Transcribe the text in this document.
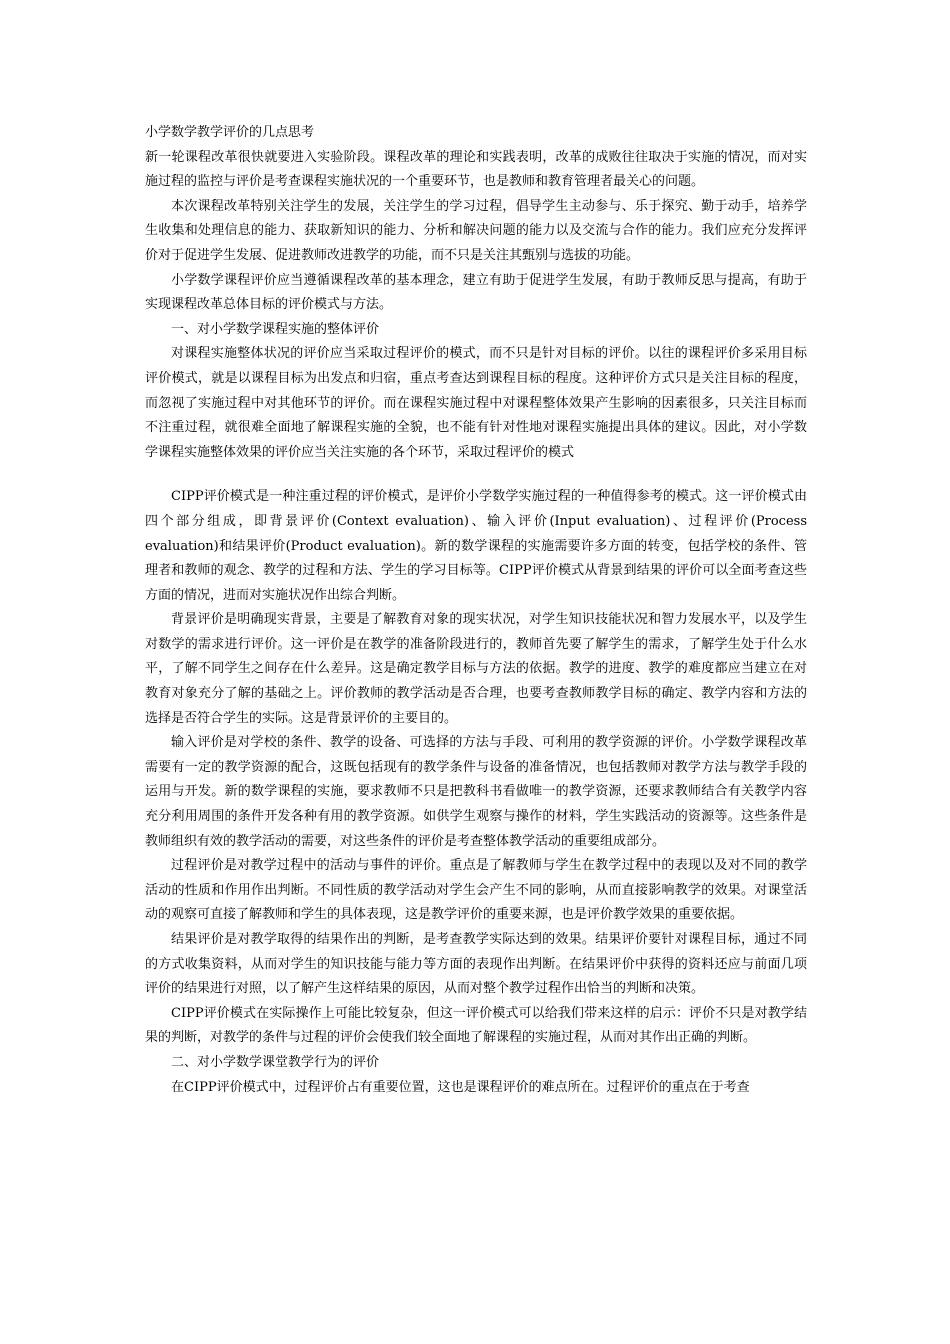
小学数学教学评价的几点思考

新一轮课程改革很快就要进入实验阶段。课程改革的理论和实践表明，改革的成败往往取决于实施的情况，而对实施过程的监控与评价是考查课程实施状况的一个重要环节，也是教师和教育管理者最关心的问题。

本次课程改革特别关注学生的发展，关注学生的学习过程，倡导学生主动参与、乐于探究、勤于动手，培养学生收集和处理信息的能力、获取新知识的能力、分析和解决问题的能力以及交流与合作的能力。我们应充分发挥评价对于促进学生发展、促进教师改进教学的功能，而不只是关注其甄别与选拔的功能。

小学数学课程评价应当遵循课程改革的基本理念，建立有助于促进学生发展，有助于教师反思与提高，有助于实现课程改革总体目标的评价模式与方法。

一、对小学数学课程实施的整体评价

对课程实施整体状况的评价应当采取过程评价的模式，而不只是针对目标的评价。以往的课程评价多采用目标评价模式，就是以课程目标为出发点和归宿，重点考查达到课程目标的程度。这种评价方式只是关注目标的程度，而忽视了实施过程中对其他环节的评价。而在课程实施过程中对课程整体效果产生影响的因素很多，只关注目标而不注重过程，就很难全面地了解课程实施的全貌，也不能有针对性地对课程实施提出具体的建议。因此，对小学数学课程实施整体效果的评价应当关注实施的各个环节，采取过程评价的模式

CIPP评价模式是一种注重过程的评价模式，是评价小学数学实施过程的一种值得参考的模式。这一评价模式由四个部分组成，即背景评价(Context evaluation)、输入评价(Input evaluation)、过程评价(Process evaluation)和结果评价(Product evaluation)。新的数学课程的实施需要许多方面的转变，包括学校的条件、管理者和教师的观念、教学的过程和方法、学生的学习目标等。CIPP评价模式从背景到结果的评价可以全面考查这些方面的情况，进而对实施状况作出综合判断。

背景评价是明确现实背景，主要是了解教育对象的现实状况，对学生知识技能状况和智力发展水平，以及学生对数学的需求进行评价。这一评价是在教学的准备阶段进行的，教师首先要了解学生的需求，了解学生处于什么水平，了解不同学生之间存在什么差异。这是确定教学目标与方法的依据。教学的进度、教学的难度都应当建立在对教育对象充分了解的基础之上。评价教师的教学活动是否合理，也要考查教师教学目标的确定、教学内容和方法的选择是否符合学生的实际。这是背景评价的主要目的。

输入评价是对学校的条件、教学的设备、可选择的方法与手段、可利用的教学资源的评价。小学数学课程改革需要有一定的教学资源的配合，这既包括现有的教学条件与设备的准备情况，也包括教师对教学方法与教学手段的运用与开发。新的数学课程的实施，要求教师不只是把教科书看做唯一的教学资源，还要求教师结合有关教学内容充分利用周围的条件开发各种有用的教学资源。如供学生观察与操作的材料，学生实践活动的资源等。这些条件是教师组织有效的教学活动的需要，对这些条件的评价是考查整体教学活动的重要组成部分。

过程评价是对教学过程中的活动与事件的评价。重点是了解教师与学生在教学过程中的表现以及对不同的教学活动的性质和作用作出判断。不同性质的教学活动对学生会产生不同的影响，从而直接影响教学的效果。对课堂活动的观察可直接了解教师和学生的具体表现，这是教学评价的重要来源，也是评价教学效果的重要依据。

结果评价是对教学取得的结果作出的判断，是考查教学实际达到的效果。结果评价要针对课程目标，通过不同的方式收集资料，从而对学生的知识技能与能力等方面的表现作出判断。在结果评价中获得的资料还应与前面几项评价的结果进行对照，以了解产生这样结果的原因，从而对整个教学过程作出恰当的判断和决策。

CIPP评价模式在实际操作上可能比较复杂，但这一评价模式可以给我们带来这样的启示：评价不只是对教学结果的判断，对教学的条件与过程的评价会使我们较全面地了解课程的实施过程，从而对其作出正确的判断。

二、对小学数学课堂教学行为的评价

在CIPP评价模式中，过程评价占有重要位置，这也是课程评价的难点所在。过程评价的重点在于考查
